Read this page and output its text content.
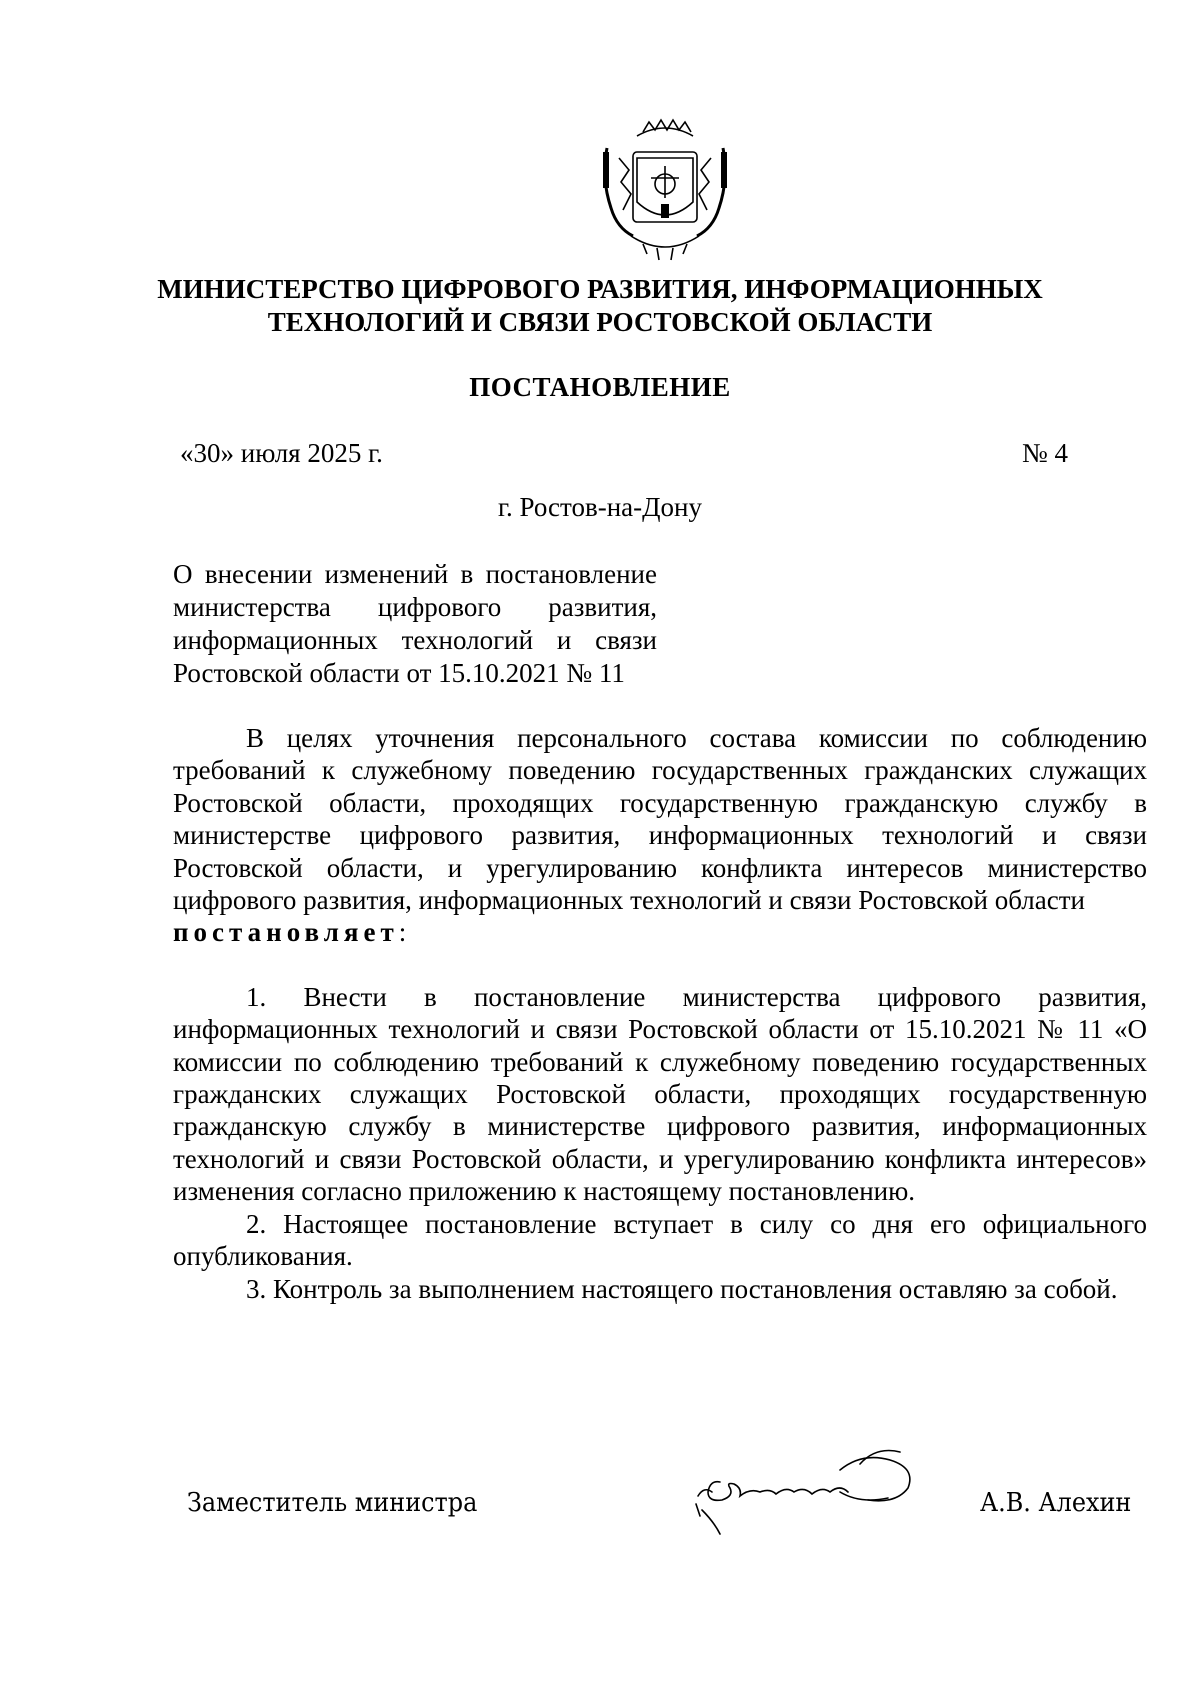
МИНИСТЕРСТВО ЦИФРОВОГО РАЗВИТИЯ, ИНФОРМАЦИОННЫХ
ТЕХНОЛОГИЙ И СВЯЗИ РОСТОВСКОЙ ОБЛАСТИ
ПОСТАНОВЛЕНИЕ
«30» июля 2025 г.	№ 4
г. Ростов-на-Дону
О внесении изменений в постановление
министерства цифрового развития,
информационных технологий и связи
Ростовской области от 15.10.2021 № 11

В целях уточнения персонального состава комиссии по соблюдению требований к служебному поведению государственных гражданских служащих Ростовской области, проходящих государственную гражданскую службу в министерстве цифрового развития, информационных технологий и связи Ростовской области, и урегулированию конфликта интересов министерство цифрового развития, информационных технологий и связи Ростовской области
постановляет:

1. Внести в постановление министерства цифрового развития, информационных технологий и связи Ростовской области от 15.10.2021 № 11 «О комиссии по соблюдению требований к служебному поведению государственных гражданских служащих Ростовской области, проходящих государственную гражданскую службу в министерстве цифрового развития, информационных технологий и связи Ростовской области, и урегулированию конфликта интересов» изменения согласно приложению к настоящему постановлению.

2. Настоящее постановление вступает в силу со дня его официального опубликования.

3. Контроль за выполнением настоящего постановления оставляю за собой.

Заместитель министра	А.В. Алехин
